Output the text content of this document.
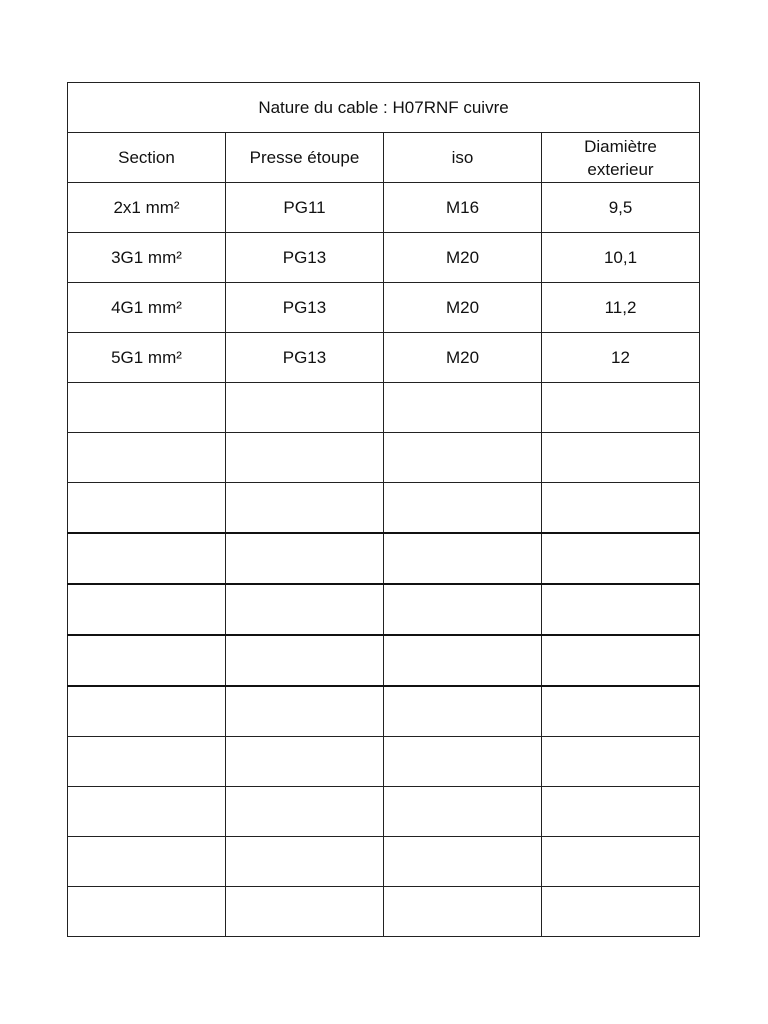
Nature du cable : H07RNF cuivre			
Section	Presse étoupe	iso	Diamiètre exterieur

2x1 mm²	PG11	M16	9,5
3G1 mm²	PG13	M20	10,1
4G1 mm²	PG13	M20	11,2
5G1 mm²	PG13	M20	12
